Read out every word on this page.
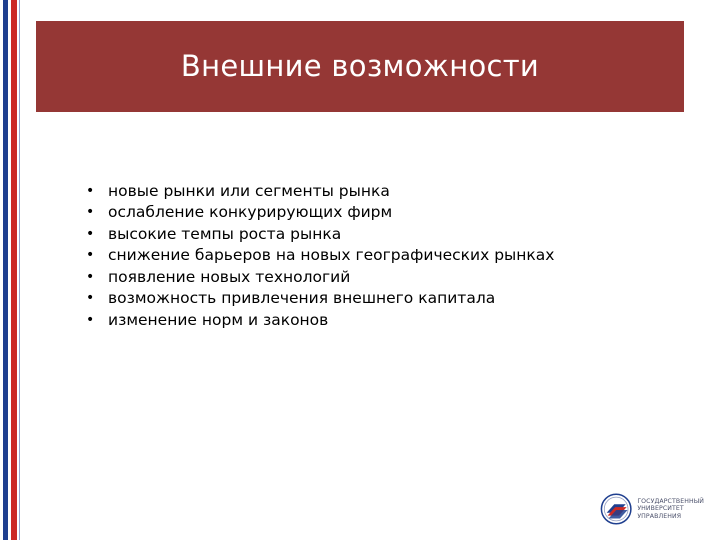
Внешние возможности
• новые рынки или сегменты рынка
• ослабление конкурирующих фирм
• высокие темпы роста рынка
• снижение барьеров на новых географических рынках
• появление новых технологий
• возможность привлечения внешнего капитала
• изменение норм и законов
ГОСУДАРСТВЕННЫЙ
УНИВЕРСИТЕТ
УПРАВЛЕНИЯ
